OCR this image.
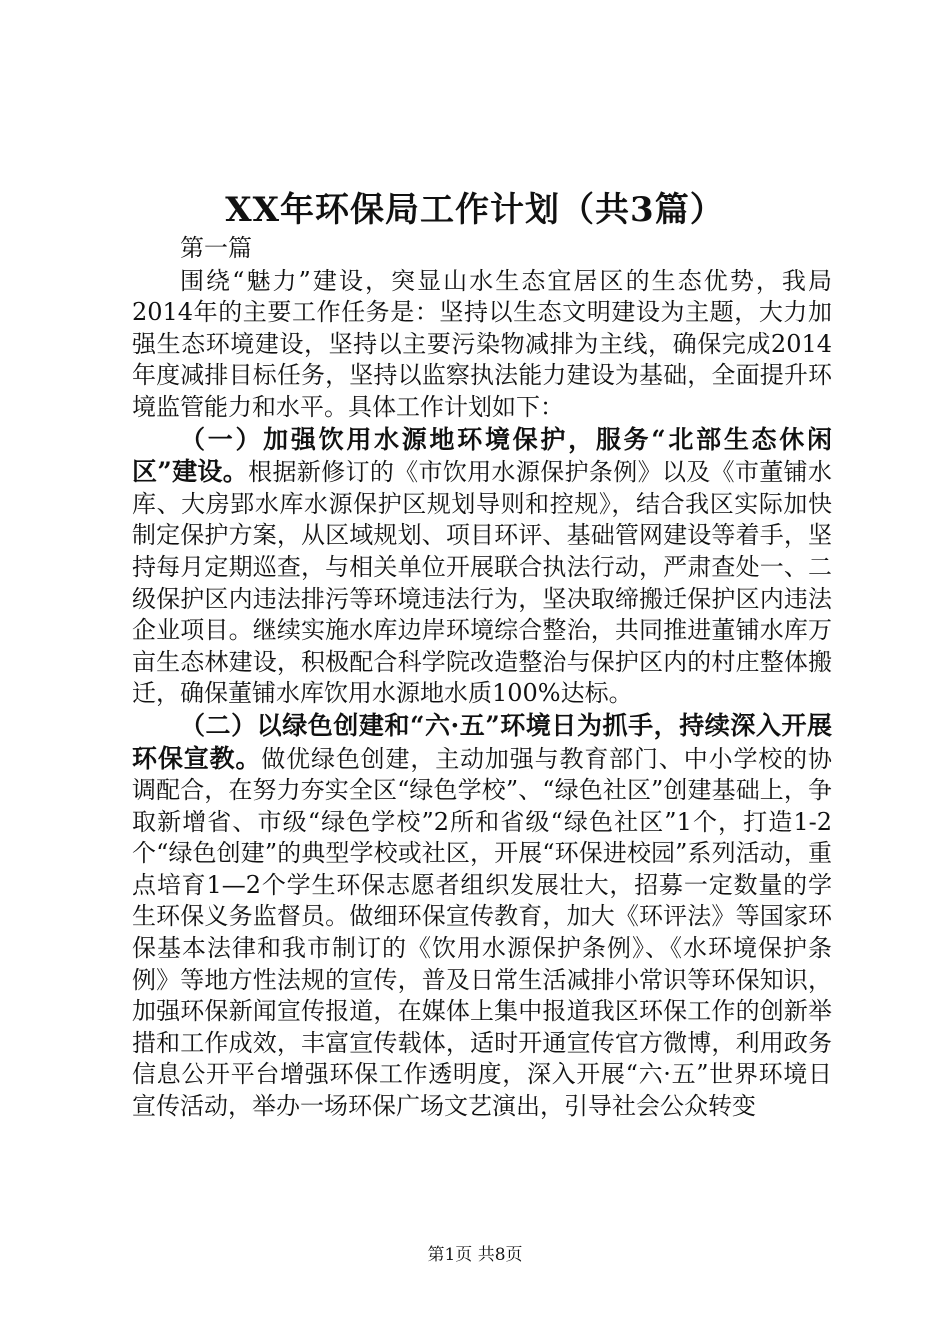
XX年环保局工作计划（共3篇）
第一篇

围绕“魅力”建设，突显山水生态宜居区的生态优势，我局2014年的主要工作任务是：坚持以生态文明建设为主题，大力加强生态环境建设，坚持以主要污染物减排为主线，确保完成2014年度减排目标任务，坚持以监察执法能力建设为基础，全面提升环境监管能力和水平。具体工作计划如下：

（一）加强饮用水源地环境保护，服务“北部生态休闲区”建设。根据新修订的《市饮用水源保护条例》以及《市董铺水库、大房郢水库水源保护区规划导则和控规》，结合我区实际加快制定保护方案，从区域规划、项目环评、基础管网建设等着手，坚持每月定期巡查，与相关单位开展联合执法行动，严肃查处一、二级保护区内违法排污等环境违法行为，坚决取缔搬迁保护区内违法企业项目。继续实施水库边岸环境综合整治，共同推进董铺水库万亩生态林建设，积极配合科学院改造整治与保护区内的村庄整体搬迁，确保董铺水库饮用水源地水质100%达标。

（二）以绿色创建和“六·五”环境日为抓手，持续深入开展环保宣教。做优绿色创建，主动加强与教育部门、中小学校的协调配合，在努力夯实全区“绿色学校”、“绿色社区”创建基础上，争取新增省、市级“绿色学校”2所和省级“绿色社区”1个，打造1-2个“绿色创建”的典型学校或社区，开展“环保进校园”系列活动，重点培育1—2个学生环保志愿者组织发展壮大，招募一定数量的学生环保义务监督员。做细环保宣传教育，加大《环评法》等国家环保基本法律和我市制订的《饮用水源保护条例》、《水环境保护条例》等地方性法规的宣传，普及日常生活减排小常识等环保知识，加强环保新闻宣传报道，在媒体上集中报道我区环保工作的创新举措和工作成效，丰富宣传载体，适时开通宣传官方微博，利用政务信息公开平台增强环保工作透明度，深入开展“六·五”世界环境日宣传活动，举办一场环保广场文艺演出，引导社会公众转变

第1页 共8页
